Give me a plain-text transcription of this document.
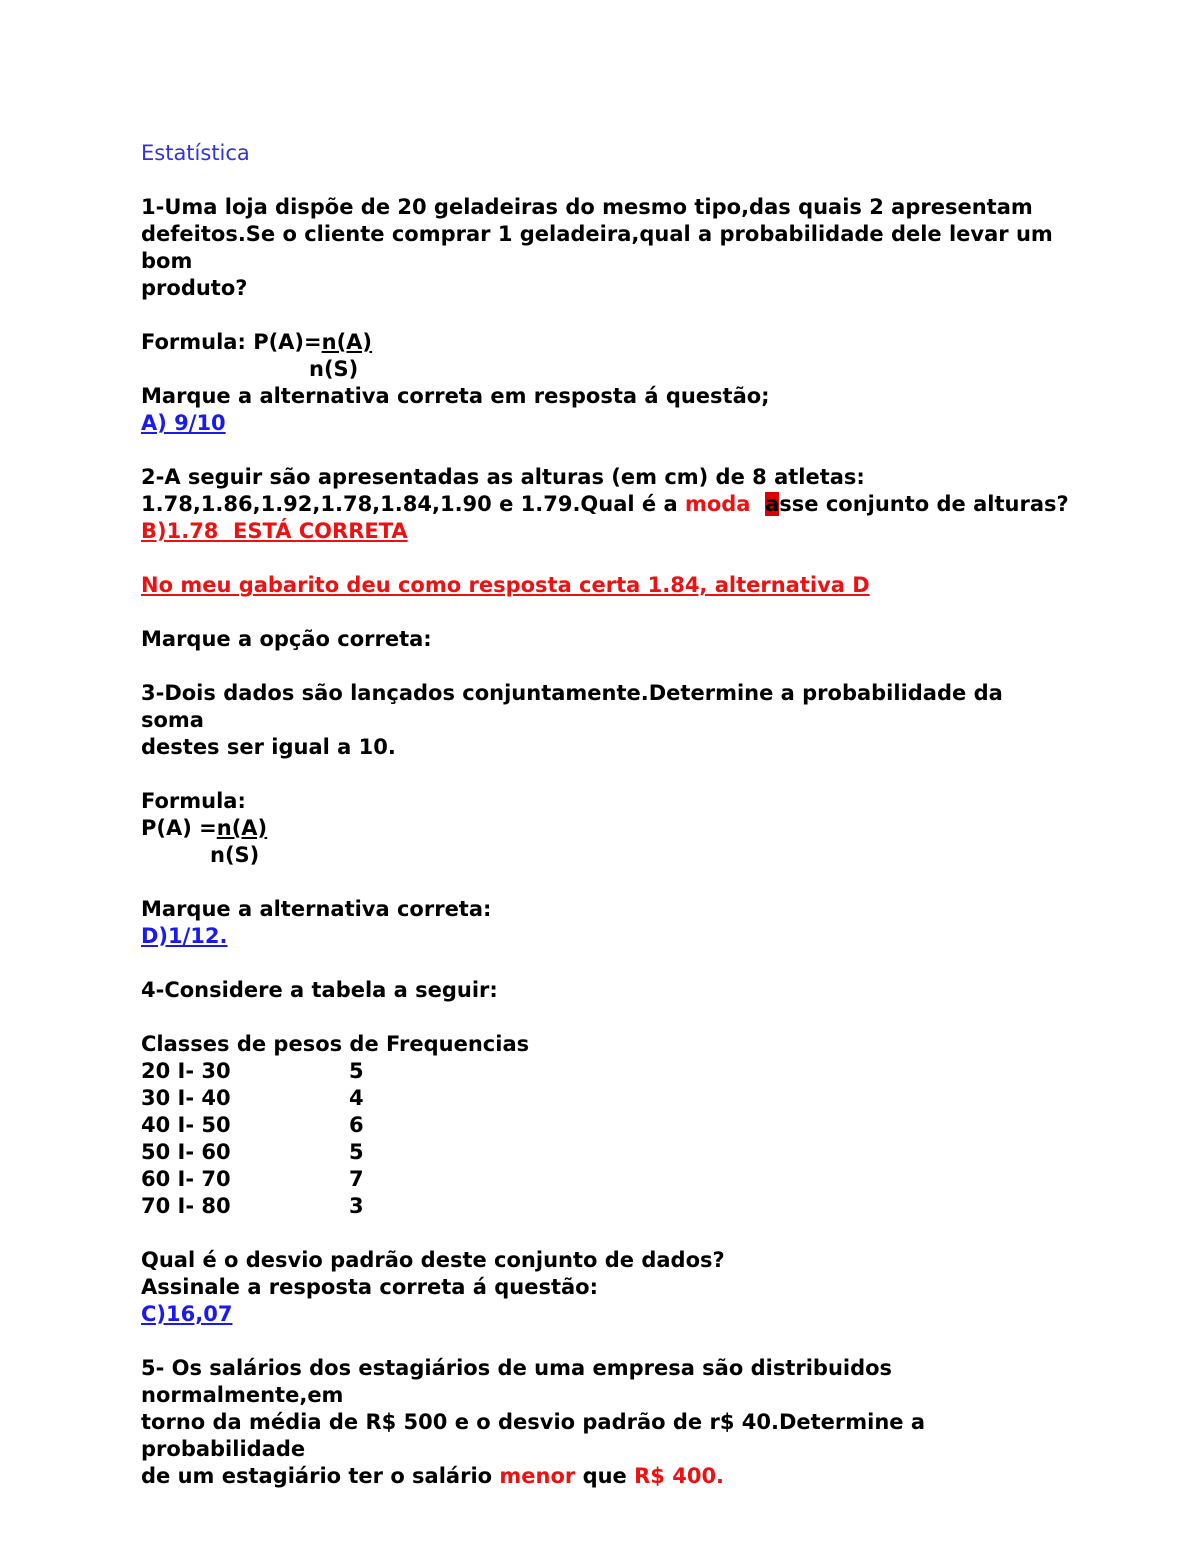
Estatística

1-Uma loja dispõe de 20 geladeiras do mesmo tipo,das quais 2 apresentam

defeitos.Se o cliente comprar 1 geladeira,qual a probabilidade dele levar um bom

produto?

Formula: P(A)=n(A)

n(S)

Marque a alternativa correta em resposta á questão;

A) 9/10

2-A seguir são apresentadas as alturas (em cm) de 8 atletas:

1.78,1.86,1.92,1.78,1.84,1.90 e 1.79.Qual é a moda asse conjunto de alturas?

B)1.78  ESTÁ CORRETA

No meu gabarito deu como resposta certa 1.84, alternativa D

Marque a opção correta:

3-Dois dados são lançados conjuntamente.Determine a probabilidade da soma

destes ser igual a 10.

Formula:

P(A) =n(A)

n(S)

Marque a alternativa correta:

D)1/12.

4-Considere a tabela a seguir:

Classes de pesos de Frequencias
20 I- 30	5
30 I- 40	4
40 I- 50	6
50 I- 60	5
60 I- 70	7
70 I- 80	3

Qual é o desvio padrão deste conjunto de dados?

Assinale a resposta correta á questão:

C)16,07

5- Os salários dos estagiários de uma empresa são distribuidos normalmente,em

torno da média de R$ 500 e o desvio padrão de r$ 40.Determine a probabilidade

de um estagiário ter o salário menor que R$ 400.
